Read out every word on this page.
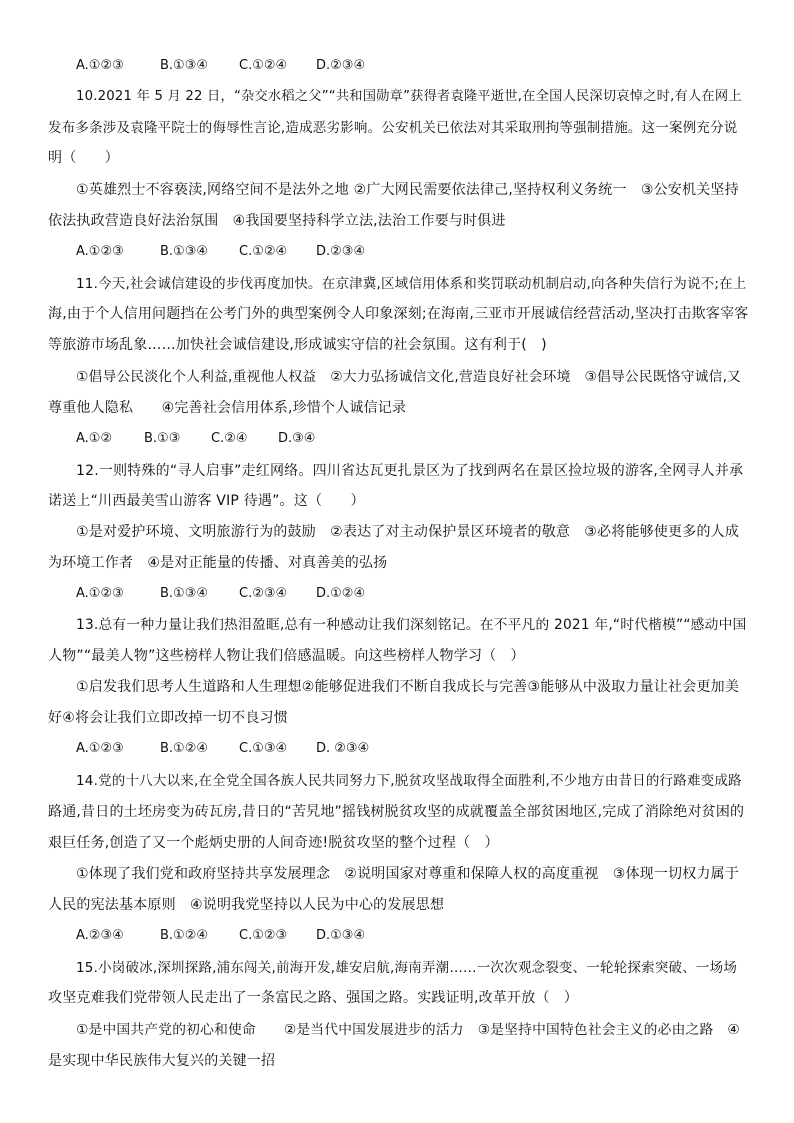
A.①②③	B.①③④ C.①②④ D.②③④
10.2021 年 5 月 22 日，“杂交水稻之父”“共和国勋章”获得者袁隆平逝世,在全国人民深切哀悼之时,有人在网上
发布多条涉及袁隆平院士的侮辱性言论,造成恶劣影响。公安机关已依法对其采取刑拘等强制措施。这一案例充分说
明（　　）
①英雄烈士不容亵渎,网络空间不是法外之地 ②广大网民需要依法律己,坚持权利义务统一　③公安机关坚持
依法执政营造良好法治氛围　④我国要坚持科学立法,法治工作要与时俱进
A.①②③	B.①③④ C.①②④ D.②③④
11.今天,社会诚信建设的步伐再度加快。在京津冀,区域信用体系和奖罚联动机制启动,向各种失信行为说不;在上
海,由于个人信用问题挡在公考门外的典型案例令人印象深刻;在海南,三亚市开展诚信经营活动,坚决打击欺客宰客
等旅游市场乱象……加快社会诚信建设,形成诚实守信的社会氛围。这有利于(　)
①倡导公民淡化个人利益,重视他人权益　②大力弘扬诚信文化,营造良好社会环境　③倡导公民既恪守诚信,又
尊重他人隐私　　④完善社会信用体系,珍惜个人诚信记录
A.①② B.①③ C.②④ D.③④
12.一则特殊的“寻人启事”走红网络。四川省达瓦更扎景区为了找到两名在景区捡垃圾的游客,全网寻人并承
诺送上“川西最美雪山游客 VIP 待遇”。这（　　）
①是对爱护环境、文明旅游行为的鼓励　②表达了对主动保护景区环境者的敬意　③必将能够使更多的人成
为环境工作者　④是对正能量的传播、对真善美的弘扬
A.①②③	B.①③④ C.②③④ D.①②④
13.总有一种力量让我们热泪盈眶,总有一种感动让我们深刻铭记。在不平凡的 2021 年,“时代楷模”“感动中国
人物”“最美人物”这些榜样人物让我们倍感温暖。向这些榜样人物学习（　）
①启发我们思考人生道路和人生理想②能够促进我们不断自我成长与完善③能够从中汲取力量让社会更加美
好④将会让我们立即改掉一切不良习惯
A.①②③	B.①②④ C.①③④ D. ②③④
14.党的十八大以来,在全党全国各族人民共同努力下,脱贫攻坚战取得全面胜利,不少地方由昔日的行路难变成路
路通,昔日的土坯房变为砖瓦房,昔日的“苦旯地”摇钱树脱贫攻坚的成就覆盖全部贫困地区,完成了消除绝对贫困的
艰巨任务,创造了又一个彪炳史册的人间奇迹!脱贫攻坚的整个过程（　）
①体现了我们党和政府坚持共享发展理念　②说明国家对尊重和保障人权的高度重视　③体现一切权力属于
人民的宪法基本原则　④说明我党坚持以人民为中心的发展思想
A.②③④	B.①②④ C.①②③ D.①③④
15.小岗破冰,深圳探路,浦东闯关,前海开发,雄安启航,海南弄潮……一次次观念裂变、一轮轮探索突破、一场场
攻坚克难我们党带领人民走出了一条富民之路、强国之路。实践证明,改革开放（　）
①是中国共产党的初心和使命　　②是当代中国发展进步的活力　③是坚持中国特色社会主义的必由之路　④
是实现中华民族伟大复兴的关键一招
